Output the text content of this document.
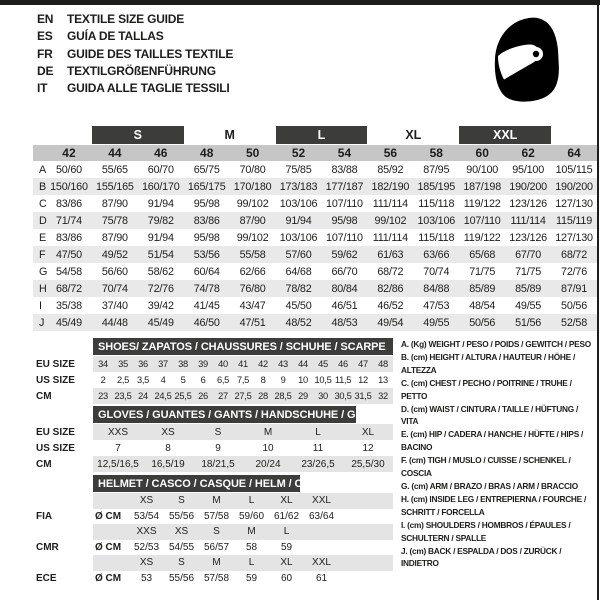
EN	TEXTILE SIZE GUIDE
ES	GUÍA DE TALLAS
FR	GUIDE DES TAILLES TEXTILE
DE	TEXTILGRÖßENFÜHRUNG
IT	GUIDA ALLE TAGLIE TESSILI
S	M	L	XL	XXL
42	44	46	48	50	52	54	56	58	60	62	64
A 50/60	55/65	60/70	65/75	70/80	75/85	83/88	85/92	87/95	90/100	95/100	105/115
B 150/160 155/165 160/170 165/175 170/180 173/183 177/187 182/190 185/195 187/198 190/200 190/200
C 83/86	87/90	91/94	95/98	99/102	103/106 107/110 111/114 115/118 119/122 123/126 127/130
D 71/74	75/78	79/82	83/86	87/90	91/94	95/98	99/102	103/106 107/110 111/114 115/119
E 83/86	87/90	91/94	95/98	99/102	103/106 107/110 111/114 115/118 119/122 123/126 127/130
F 47/50	49/52	51/54	53/56	55/58	57/60	59/62	61/63	63/66	65/68	67/70	68/72
G 54/58	56/60	58/62	60/64	62/66	64/68	66/70	68/72	70/74	71/75	71/75	72/76
H 68/72	70/74	72/76	74/78	76/80	78/82	80/84	82/86	84/88	85/89	85/89	87/91
I	35/38	37/40	39/42	41/45	43/47	45/50	46/51	46/52	47/53	48/54	49/55	50/56
J	45/49	44/48	45/49	46/50	47/51	48/52	48/53	49/54	49/55	50/56	51/56	52/58
SHOES/ ZAPATOS / CHAUSSURES / SCHUHE / SCARPE
EU SIZE	34	35	36	37	38	39	40	41	42	43	44	45	46	47	48
US SIZE	2	2,5 3,5	4	5	6	6,5 7,5	8	9	10 10,5 11,5 12	13
CM	23 23,5 24 24,5 25,5 26	27 27,5 28 28,5 29	30 30,5 31,5 32
GLOVES / GUANTES / GANTS / HANDSCHUHE / GUANTI
EU SIZE	XXS	XS	S	M	L	XL
US SIZE	7	8	9	10	11	12
CM	12,5/16,5	16,5/19	18/21,5	20/24	23/26,5	25,5/30
HELMET / CASCO / CASQUE / HELM / CASCO
XS	S	M	L	XL	XXL
FIA	Ø CM	53/54 55/56 57/58 59/60 61/62 63/64
XXS	XS	S	M	L
CMR	Ø CM	52/53 54/55 56/57	58	59
XS	S	M	L	XL	XXL
ECE	Ø CM	53	55/56 57/58	59	60	61
A. (Kg) WEIGHT / PESO / POIDS / GEWITCH / PESO
B. (cm) HEIGHT / ALTURA / HAUTEUR / HÖHE / ALTEZZA
C. (cm) CHEST / PECHO / POITRINE / TRUHE / PETTO
D. (cm) WAIST / CINTURA / TAILLE / HÜFTUNG / VITA
E. (cm) HIP / CADERA / HANCHE / HÜFTE / HIPS / BACINO
F. (cm) TIGH / MUSLO / CUISSE / SCHENKEL / COSCIA
G. (cm) ARM / BRAZO / BRAS / ARM / BRACCIO
H. (cm) INSIDE LEG / ENTREPIERNA / FOURCHE / SCHRITT / FORCELLA
I. (cm) SHOULDERS / HOMBROS / ÉPAULES / SCHULTERN / SPALLE
J. (cm) BACK / ESPALDA / DOS / ZURÜCK / INDIETRO
